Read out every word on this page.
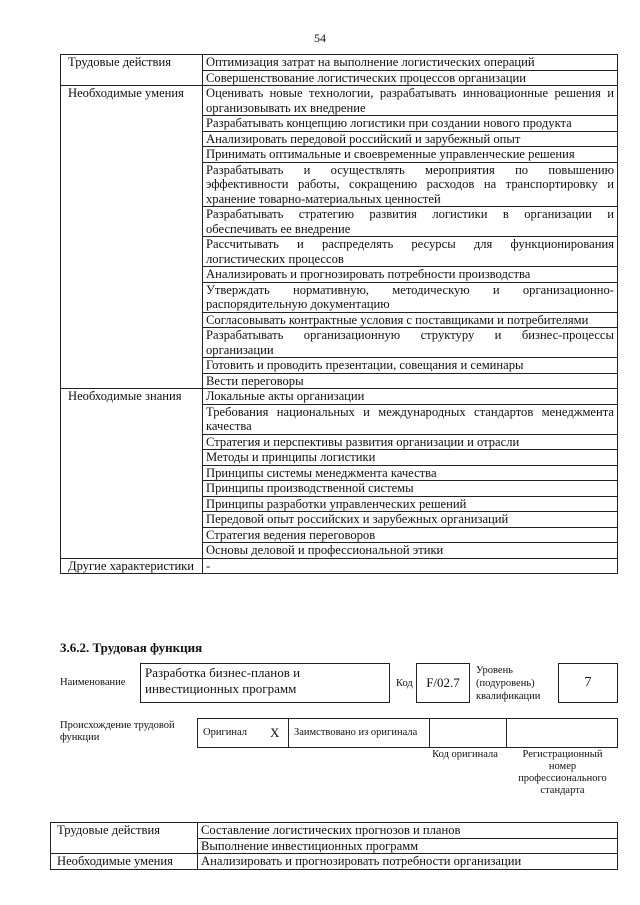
54
Трудовые действия	Оптимизация затрат на выполнение логистических операций
	Совершенствование логистических процессов организации
Необходимые умения	Оценивать новые технологии, разрабатывать инновационные решения и организовывать их внедрение
	Разрабатывать концепцию логистики при создании нового продукта
	Анализировать передовой российский и зарубежный опыт
	Принимать оптимальные и своевременные управленческие решения
	Разрабатывать и осуществлять мероприятия по повышению эффективности работы, сокращению расходов на транспортировку и хранение товарно-материальных ценностей
	Разрабатывать стратегию развития логистики в организации и обеспечивать ее внедрение
	Рассчитывать и распределять ресурсы для функционирования логистических процессов
	Анализировать и прогнозировать потребности производства
	Утверждать нормативную, методическую и организационно-распорядительную документацию
	Согласовывать контрактные условия с поставщиками и потребителями
	Разрабатывать организационную структуру и бизнес-процессы организации
	Готовить и проводить презентации, совещания и семинары
	Вести переговоры
Необходимые знания	Локальные акты организации
	Требования национальных и международных стандартов менеджмента качества
	Стратегия и перспективы развития организации и отрасли
	Методы и принципы логистики
	Принципы системы менеджмента качества
	Принципы производственной системы
	Принципы разработки управленческих решений
	Передовой опыт российских и зарубежных организаций
	Стратегия ведения переговоров
	Основы деловой и профессиональной этики
Другие характеристики	-
3.6.2. Трудовая функция
Наименование
Разработка бизнес-планов и инвестиционных программ	Код	F/02.7
Уровень (подуровень) квалификации
7
Происхождение трудовой функции	Оригинал X Заимствовано из оригинала
Код оригинала	Регистрационный номер профессионального стандарта
Трудовые действия	Составление логистических прогнозов и планов
	Выполнение инвестиционных программ
Необходимые умения	Анализировать и прогнозировать потребности организации
